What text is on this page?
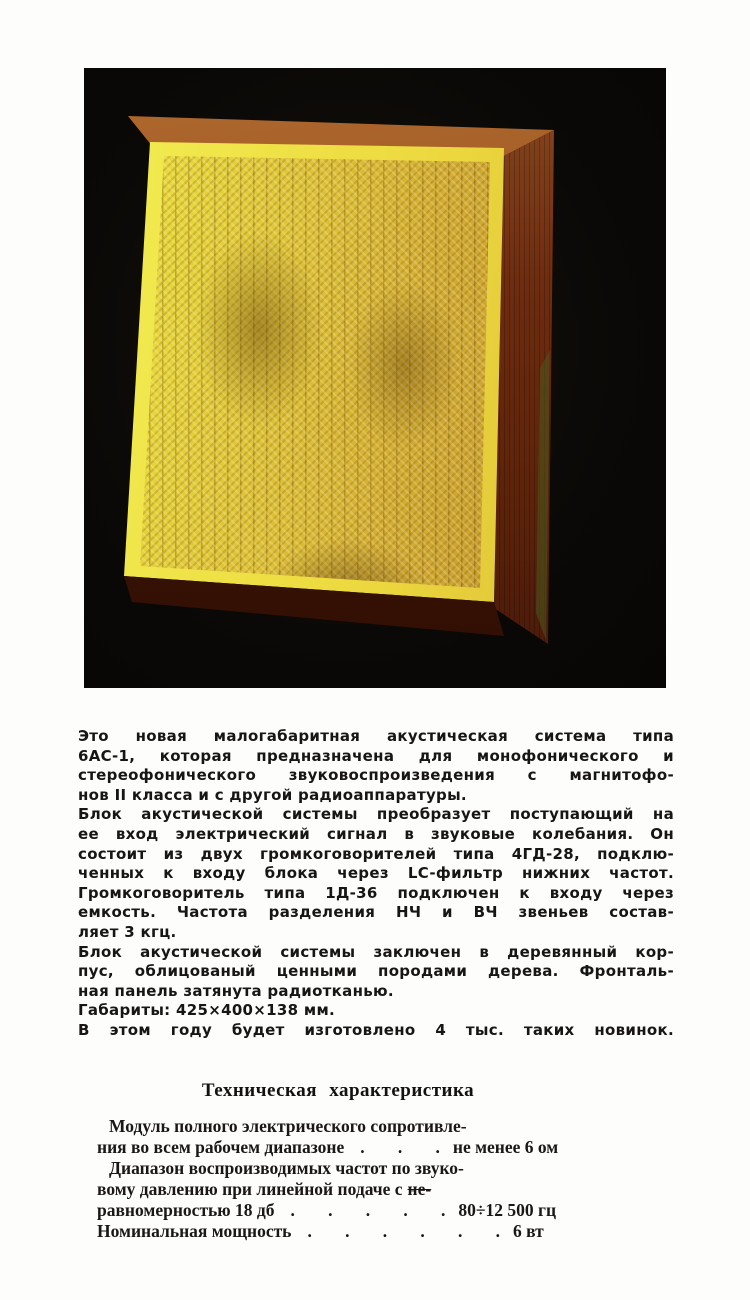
Это новая малогабаритная акустическая система типа

6АС-1, которая предназначена для монофонического и

стереофонического звуковоспроизведения с магнитофо-

нов II класса и с другой радиоаппаратуры.

Блок акустической системы преобразует поступающий на

ее вход электрический сигнал в звуковые колебания. Он

состоит из двух громкоговорителей типа 4ГД-28, подклю-

ченных к входу блока через LC-фильтр нижних частот.

Громкоговоритель типа 1Д-36 подключен к входу через

емкость. Частота разделения НЧ и ВЧ звеньев состав-

ляет 3 кгц.

Блок акустической системы заключен в деревянный кор-

пус, облицованый ценными породами дерева. Фронталь-

ная панель затянута радиотканью.

Габариты: 425×400×138 мм.

В этом году будет изготовлено 4 тыс. таких новинок.

Техническая характеристика
Модуль полного электрического сопротивле-
ния во всем рабочем диапазоне .      .      . не менее 6 ом
Диапазон воспроизводимых частот по звуко-
вому давлению при линейной подаче с не-
равномерностью 18 дб .      .      .      .      . 80÷12 500 гц
Номинальная мощность .      .      .      .      .      . 6 вт
